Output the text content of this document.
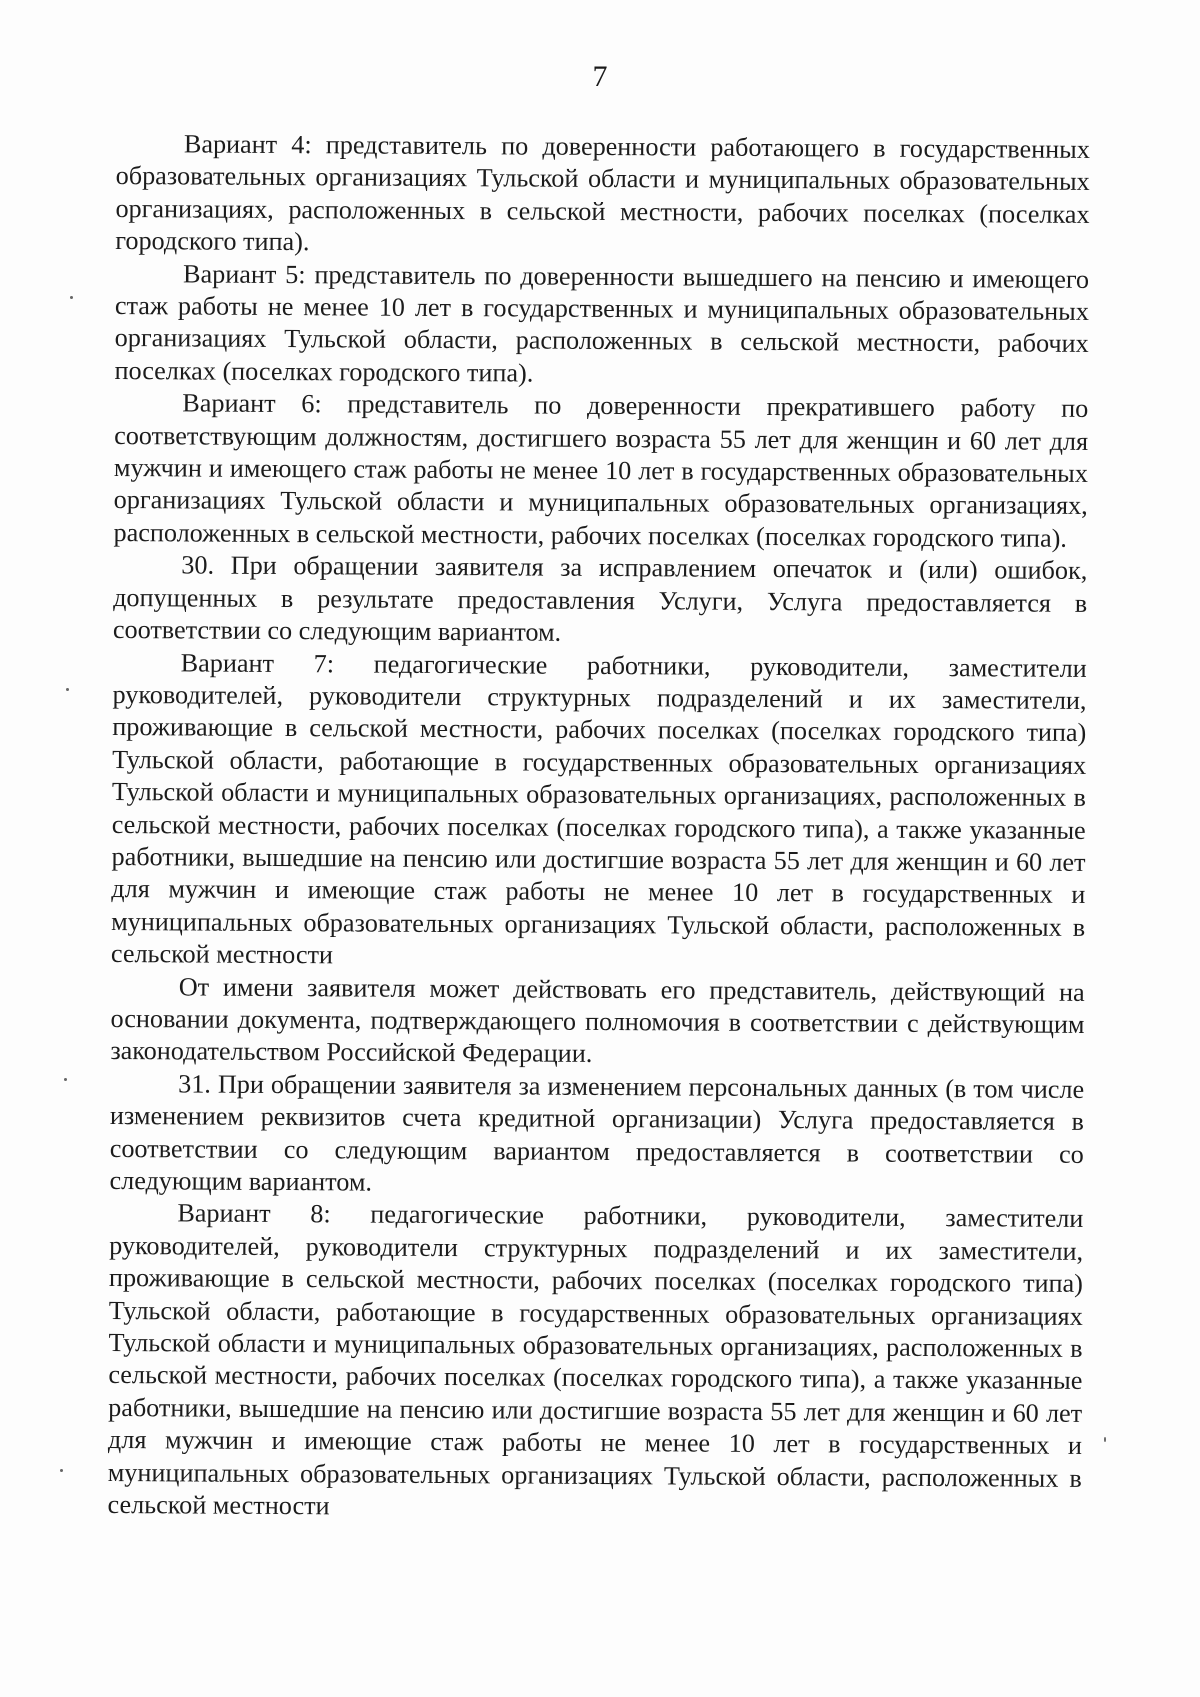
7

Вариант 4: представитель по доверенности работающего в государственных образовательных организациях Тульской области и муниципальных образовательных организациях, расположенных в сельской местности, рабочих поселках (поселках городского типа).

Вариант 5: представитель по доверенности вышедшего на пенсию и имеющего стаж работы не менее 10 лет в государственных и муниципальных образовательных организациях Тульской области, расположенных в сельской местности, рабочих поселках (поселках городского типа).

Вариант 6: представитель по доверенности прекратившего работу по соответствующим должностям, достигшего возраста 55 лет для женщин и 60 лет для мужчин и имеющего стаж работы не менее 10 лет в государственных образовательных организациях Тульской области и муниципальных образовательных организациях, расположенных в сельской местности, рабочих поселках (поселках городского типа).

30. При обращении заявителя за исправлением опечаток и (или) ошибок, допущенных в результате предоставления Услуги, Услуга предоставляется в соответствии со следующим вариантом.

Вариант 7: педагогические работники, руководители, заместители руководителей, руководители структурных подразделений и их заместители, проживающие в сельской местности, рабочих поселках (поселках городского типа) Тульской области, работающие в государственных образовательных организациях Тульской области и муниципальных образовательных организациях, расположенных в сельской местности, рабочих поселках (поселках городского типа), а также указанные работники, вышедшие на пенсию или достигшие возраста 55 лет для женщин и 60 лет для мужчин и имеющие стаж работы не менее 10 лет в государственных и муниципальных образовательных организациях Тульской области, расположенных в сельской местности

От имени заявителя может действовать его представитель, действующий на основании документа, подтверждающего полномочия в соответствии с действующим законодательством Российской Федерации.

31. При обращении заявителя за изменением персональных данных (в том числе изменением реквизитов счета кредитной организации) Услуга предоставляется в соответствии со следующим вариантом предоставляется в соответствии со следующим вариантом.

Вариант 8: педагогические работники, руководители, заместители руководителей, руководители структурных подразделений и их заместители, проживающие в сельской местности, рабочих поселках (поселках городского типа) Тульской области, работающие в государственных образовательных организациях Тульской области и муниципальных образовательных организациях, расположенных в сельской местности, рабочих поселках (поселках городского типа), а также указанные работники, вышедшие на пенсию или достигшие возраста 55 лет для женщин и 60 лет для мужчин и имеющие стаж работы не менее 10 лет в государственных и муниципальных образовательных организациях Тульской области, расположенных в сельской местности
